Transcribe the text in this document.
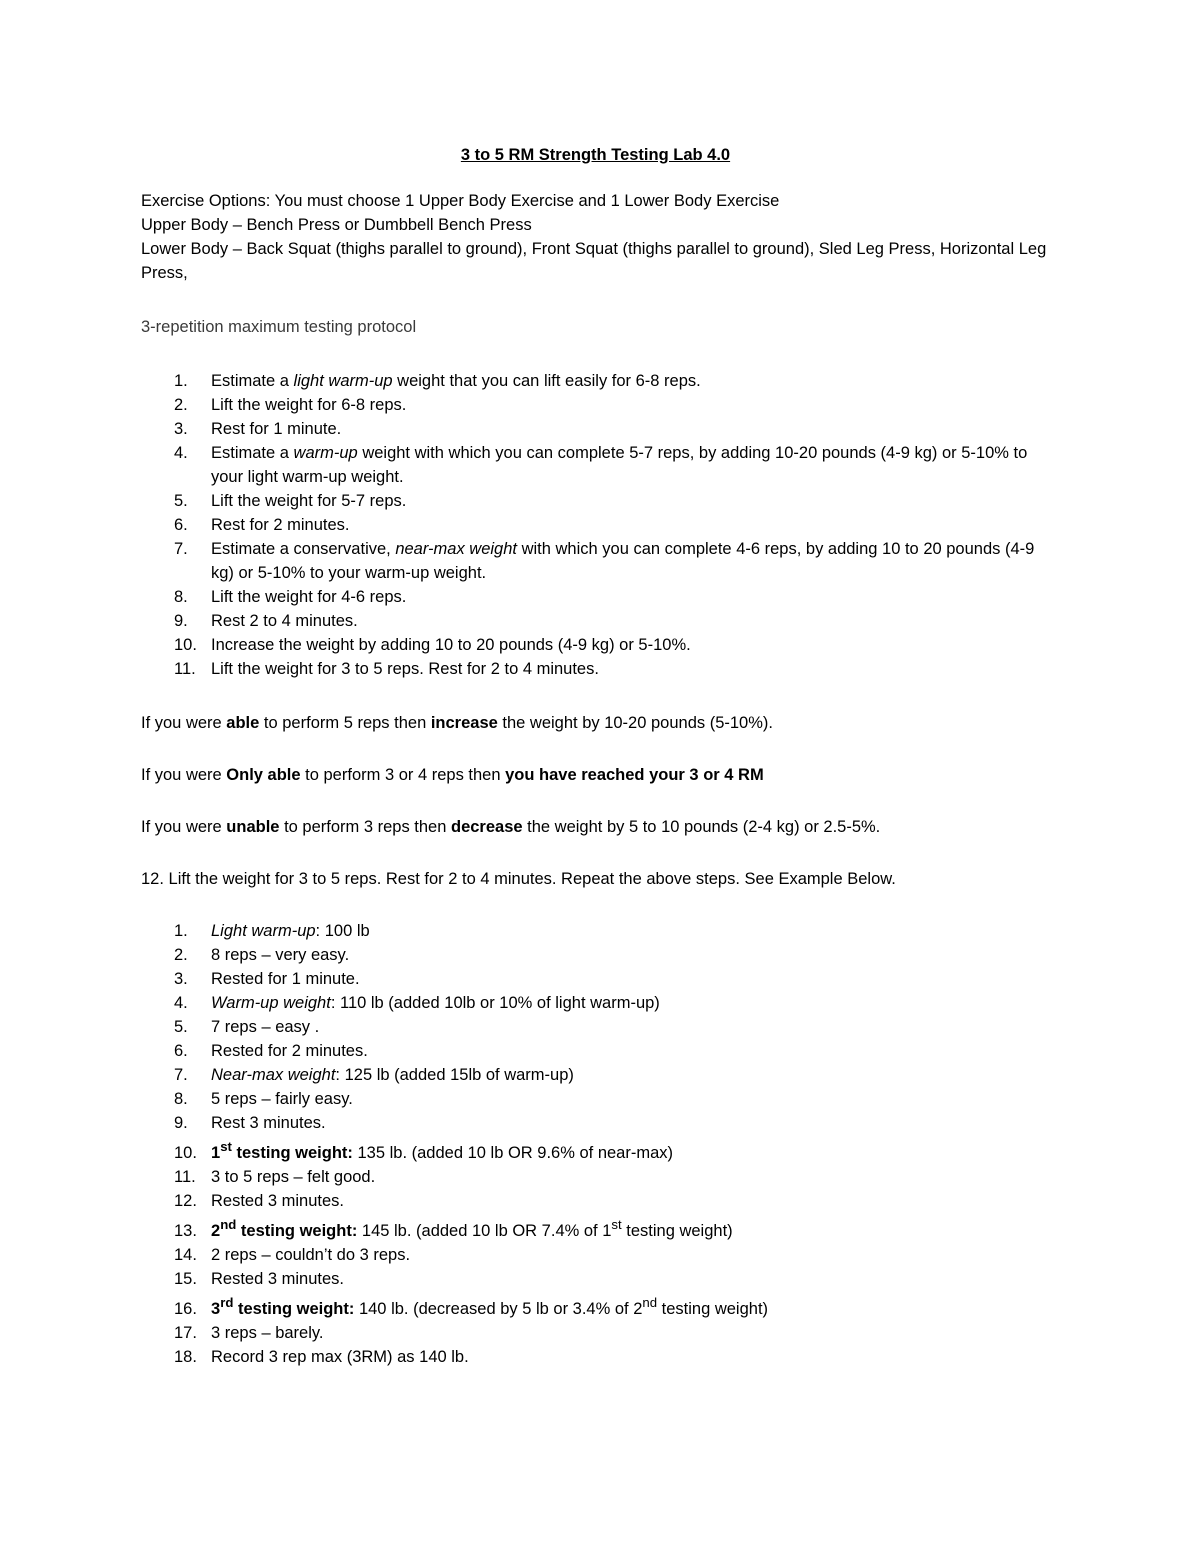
3 to 5 RM Strength Testing Lab 4.0

Exercise Options: You must choose 1 Upper Body Exercise and 1 Lower Body Exercise

Upper Body – Bench Press or Dumbbell Bench Press

Lower Body – Back Squat (thighs parallel to ground), Front Squat (thighs parallel to ground), Sled Leg Press, Horizontal Leg Press,

3-repetition maximum testing protocol

1.	Estimate a light warm-up weight that you can lift easily for 6-8 reps.
2.	Lift the weight for 6-8 reps.
3.	Rest for 1 minute.
4.	Estimate a warm-up weight with which you can complete 5-7 reps, by adding 10-20 pounds (4-9 kg) or 5-10% to your light warm-up weight.
5.	Lift the weight for 5-7 reps.
6.	Rest for 2 minutes.
7.	Estimate a conservative, near-max weight with which you can complete 4-6 reps, by adding 10 to 20 pounds (4-9 kg) or 5-10% to your warm-up weight.
8.	Lift the weight for 4-6 reps.
9.	Rest 2 to 4 minutes.
10. Increase the weight by adding 10 to 20 pounds (4-9 kg) or 5-10%.
11. Lift the weight for 3 to 5 reps. Rest for 2 to 4 minutes.

If you were able to perform 5 reps then increase the weight by 10-20 pounds (5-10%).

If you were Only able to perform 3 or 4 reps then you have reached your 3 or 4 RM

If you were unable to perform 3 reps then decrease the weight by 5 to 10 pounds (2-4 kg) or 2.5-5%.

12. Lift the weight for 3 to 5 reps. Rest for 2 to 4 minutes. Repeat the above steps. See Example Below.

1.	Light warm-up: 100 lb
2.	8 reps – very easy.
3.	Rested for 1 minute.
4.	Warm-up weight: 110 lb (added 10lb or 10% of light warm-up)
5.	7 reps – easy .
6.	Rested for 2 minutes.
7.	Near-max weight: 125 lb (added 15lb of warm-up)
8.	5 reps – fairly easy.
9.	Rest 3 minutes.
10. 1st testing weight: 135 lb. (added 10 lb OR 9.6% of near-max)
11. 3 to 5 reps – felt good.
12. Rested 3 minutes.
13. 2nd testing weight: 145 lb. (added 10 lb OR 7.4% of 1st testing weight)
14. 2 reps – couldn’t do 3 reps.
15. Rested 3 minutes.
16. 3rd testing weight: 140 lb. (decreased by 5 lb or 3.4% of 2nd testing weight)
17. 3 reps – barely.
18. Record 3 rep max (3RM) as 140 lb.
